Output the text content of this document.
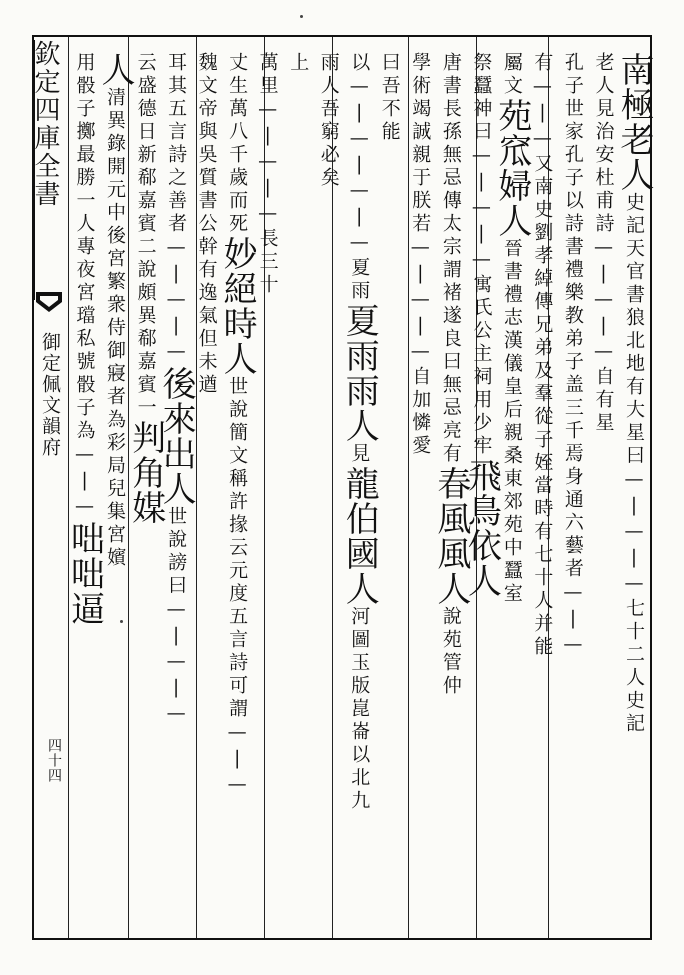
欽定四庫全書
御定佩文韻府
四十四
南極老人史記天官書狼北地有大星曰—|—|—七十二人史記
老人見治安杜甫詩—|—|—自有星
孔子世家孔子以詩書禮樂教弟子盖三千焉身通六藝者—|—
有—|—又南史劉孝綽傳兄弟及羣從子姪當時有七十人并能
屬文苑窊婦人晉書禮志漢儀皇后親桑東郊苑中蠶室
祭蠶神曰—|—|—寓氏公主祠用少牢飛鳥依人
唐書長孫無忌傳太宗謂褚遂良曰無忌亮有春風風人說苑管仲
學術竭誠親于朕若—|—|—自加憐愛
曰吾不能
以—|—|—|—夏雨夏雨雨人見龍伯國人河圖玉版崑崙以北九
雨人吾窮必矣
上
萬里—|—|—長三十
丈生萬八千歲而死妙絕時人世說簡文稱許掾云元度五言詩可謂—|—
魏文帝與吳質書公幹有逸氣但未遒
耳其五言詩之善者—|—|—後來出人世說謗曰—|—|—
云盛德日新郗嘉賓二說頗異郗嘉賓一判角媒
人清異錄開元中後宮繁衆侍御寢者為彩局兒集宮嬪
用骰子擲最勝一人專夜宮璫私號骰子為—|—咄咄逼
